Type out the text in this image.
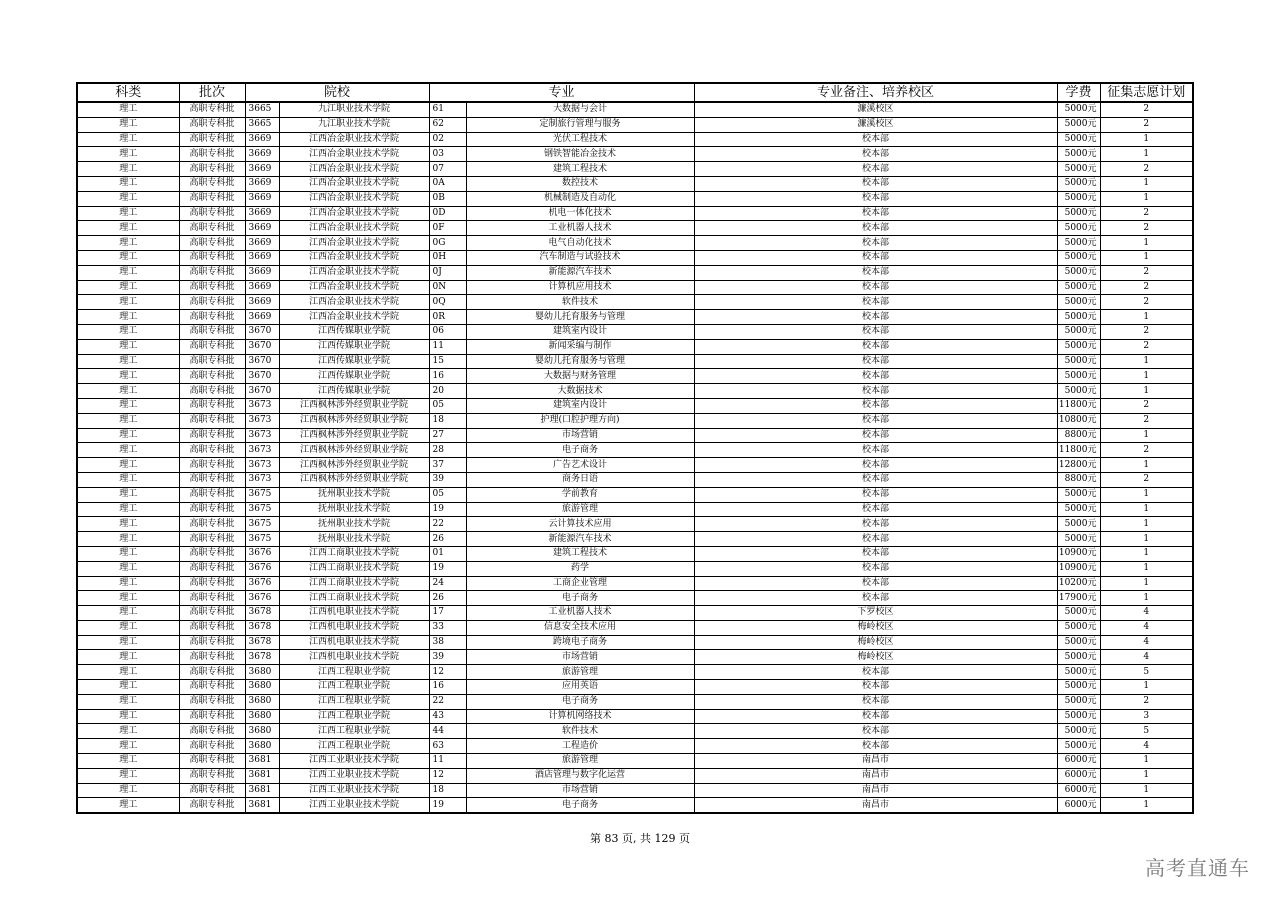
科类	批次	院校		专业		专业备注、培养校区	学费	征集志愿计划
理工	高职专科批	3665	九江职业技术学院	61	大数据与会计	濂溪校区	5000元	2
理工	高职专科批	3665	九江职业技术学院	62	定制旅行管理与服务	濂溪校区	5000元	2
理工	高职专科批	3669	江西冶金职业技术学院	02	光伏工程技术	校本部	5000元	1
理工	高职专科批	3669	江西冶金职业技术学院	03	钢铁智能冶金技术	校本部	5000元	1
理工	高职专科批	3669	江西冶金职业技术学院	07	建筑工程技术	校本部	5000元	2
理工	高职专科批	3669	江西冶金职业技术学院	0A	数控技术	校本部	5000元	1
理工	高职专科批	3669	江西冶金职业技术学院	0B	机械制造及自动化	校本部	5000元	1
理工	高职专科批	3669	江西冶金职业技术学院	0D	机电一体化技术	校本部	5000元	2
理工	高职专科批	3669	江西冶金职业技术学院	0F	工业机器人技术	校本部	5000元	2
理工	高职专科批	3669	江西冶金职业技术学院	0G	电气自动化技术	校本部	5000元	1
理工	高职专科批	3669	江西冶金职业技术学院	0H	汽车制造与试验技术	校本部	5000元	1
理工	高职专科批	3669	江西冶金职业技术学院	0J	新能源汽车技术	校本部	5000元	2
理工	高职专科批	3669	江西冶金职业技术学院	0N	计算机应用技术	校本部	5000元	2
理工	高职专科批	3669	江西冶金职业技术学院	0Q	软件技术	校本部	5000元	2
理工	高职专科批	3669	江西冶金职业技术学院	0R	婴幼儿托育服务与管理	校本部	5000元	1
理工	高职专科批	3670	江西传媒职业学院	06	建筑室内设计	校本部	5000元	2
理工	高职专科批	3670	江西传媒职业学院	11	新闻采编与制作	校本部	5000元	2
理工	高职专科批	3670	江西传媒职业学院	15	婴幼儿托育服务与管理	校本部	5000元	1
理工	高职专科批	3670	江西传媒职业学院	16	大数据与财务管理	校本部	5000元	1
理工	高职专科批	3670	江西传媒职业学院	20	大数据技术	校本部	5000元	1
理工	高职专科批	3673	江西枫林涉外经贸职业学院	05	建筑室内设计	校本部	11800元	2
理工	高职专科批	3673	江西枫林涉外经贸职业学院	18	护理(口腔护理方向)	校本部	10800元	2
理工	高职专科批	3673	江西枫林涉外经贸职业学院	27	市场营销	校本部	8800元	1
理工	高职专科批	3673	江西枫林涉外经贸职业学院	28	电子商务	校本部	11800元	2
理工	高职专科批	3673	江西枫林涉外经贸职业学院	37	广告艺术设计	校本部	12800元	1
理工	高职专科批	3673	江西枫林涉外经贸职业学院	39	商务日语	校本部	8800元	2
理工	高职专科批	3675	抚州职业技术学院	05	学前教育	校本部	5000元	1
理工	高职专科批	3675	抚州职业技术学院	19	旅游管理	校本部	5000元	1
理工	高职专科批	3675	抚州职业技术学院	22	云计算技术应用	校本部	5000元	1
理工	高职专科批	3675	抚州职业技术学院	26	新能源汽车技术	校本部	5000元	1
理工	高职专科批	3676	江西工商职业技术学院	01	建筑工程技术	校本部	10900元	1
理工	高职专科批	3676	江西工商职业技术学院	19	药学	校本部	10900元	1
理工	高职专科批	3676	江西工商职业技术学院	24	工商企业管理	校本部	10200元	1
理工	高职专科批	3676	江西工商职业技术学院	26	电子商务	校本部	17900元	1
理工	高职专科批	3678	江西机电职业技术学院	17	工业机器人技术	下罗校区	5000元	4
理工	高职专科批	3678	江西机电职业技术学院	33	信息安全技术应用	梅岭校区	5000元	4
理工	高职专科批	3678	江西机电职业技术学院	38	跨境电子商务	梅岭校区	5000元	4
理工	高职专科批	3678	江西机电职业技术学院	39	市场营销	梅岭校区	5000元	4
理工	高职专科批	3680	江西工程职业学院	12	旅游管理	校本部	5000元	5
理工	高职专科批	3680	江西工程职业学院	16	应用英语	校本部	5000元	1
理工	高职专科批	3680	江西工程职业学院	22	电子商务	校本部	5000元	2
理工	高职专科批	3680	江西工程职业学院	43	计算机网络技术	校本部	5000元	3
理工	高职专科批	3680	江西工程职业学院	44	软件技术	校本部	5000元	5
理工	高职专科批	3680	江西工程职业学院	63	工程造价	校本部	5000元	4
理工	高职专科批	3681	江西工业职业技术学院	11	旅游管理	南昌市	6000元	1
理工	高职专科批	3681	江西工业职业技术学院	12	酒店管理与数字化运营	南昌市	6000元	1
理工	高职专科批	3681	江西工业职业技术学院	18	市场营销	南昌市	6000元	1
理工	高职专科批	3681	江西工业职业技术学院	19	电子商务	南昌市	6000元	1
第 83 页, 共 129 页
高考直通车
